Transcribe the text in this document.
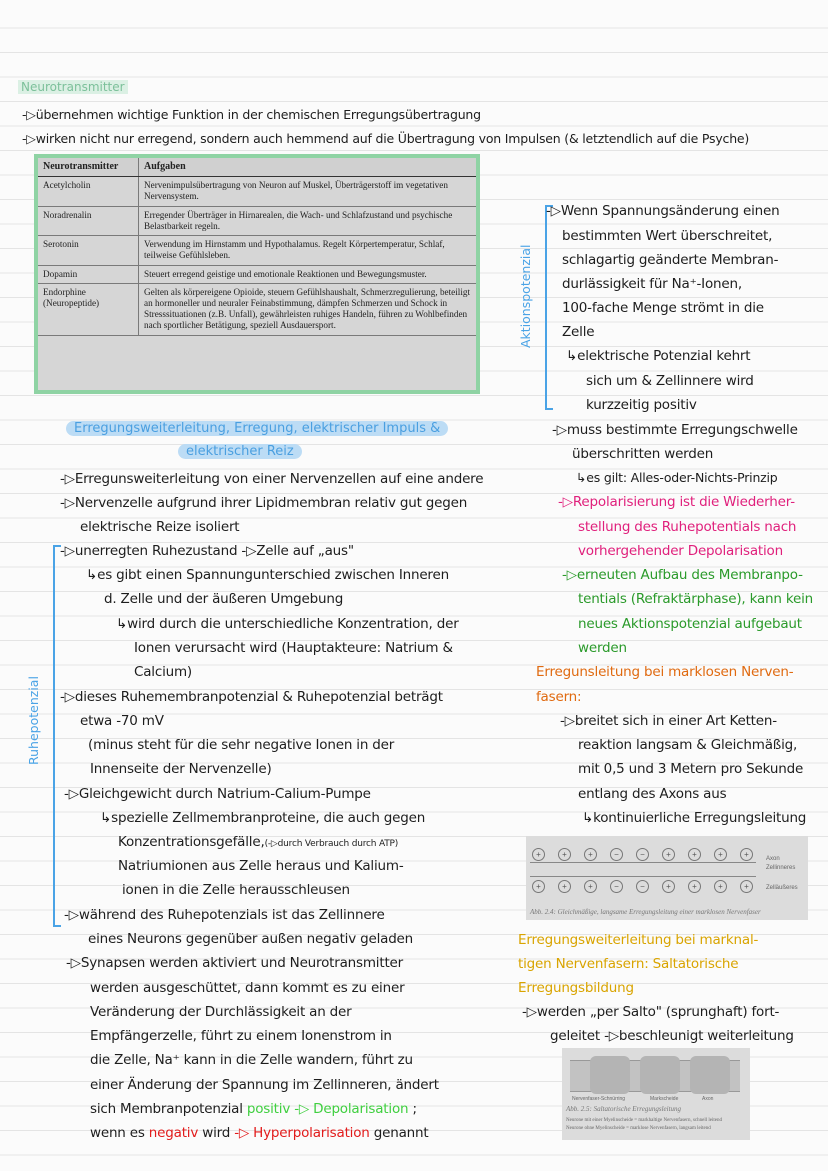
Neurotransmitter
-▷übernehmen wichtige Funktion in der chemischen Erregungsübertragung
-▷wirken nicht nur erregend, sondern auch hemmend auf die Übertragung von Impulsen (& letztendlich auf die Psyche)
Neurotransmitter	Aufgaben
Acetylcholin	Nervenimpulsübertragung von Neuron auf Muskel, Überträgerstoff im vegetativen Nervensystem.
Noradrenalin	Erregender Überträger in Hirnarealen, die Wach- und Schlafzustand und psychische Belastbarkeit regeln.
Serotonin	Verwendung im Hirnstamm und Hypothalamus. Regelt Körpertemperatur, Schlaf, teilweise Gefühlsleben.
Dopamin	Steuert erregend geistige und emotionale Reaktionen und Bewegungsmuster.
Endorphine (Neuropeptide)	Gelten als körpereigene Opioide, steuern Gefühlshaushalt, Schmerzregulierung, beteiligt an hormoneller und neuraler Feinabstimmung, dämpfen Schmerzen und Schock in Stresssituationen (z.B. Unfall), gewährleisten ruhiges Handeln, führen zu Wohlbefinden nach sportlicher Betätigung, speziell Ausdauersport.
Erregungsweiterleitung, Erregung, elektrischer Impuls &
elektrischer Reiz
Ruhepotenzial
-▷Erregunsweiterleitung von einer Nervenzellen auf eine andere
-▷Nervenzelle aufgrund ihrer Lipidmembran relativ gut gegen
elektrische Reize isoliert
-▷unerregten Ruhezustand -▷Zelle auf „aus"
↳es gibt einen Spannungunterschied zwischen Inneren
d. Zelle und der äußeren Umgebung
↳wird durch die unterschiedliche Konzentration, der
Ionen verursacht wird (Hauptakteure: Natrium &
Calcium)
-▷dieses Ruhemembranpotenzial & Ruhepotenzial beträgt
etwa -70 mV
(minus steht für die sehr negative Ionen in der
Innenseite der Nervenzelle)
-▷Gleichgewicht durch Natrium-Calium-Pumpe
↳spezielle Zellmembranproteine, die auch gegen
Konzentrationsgefälle,(-▷durch Verbrauch durch ATP)
Natriumionen aus Zelle heraus und Kalium-
ionen in die Zelle herausschleusen
-▷während des Ruhepotenzials ist das Zellinnere
eines Neurons gegenüber außen negativ geladen
-▷Synapsen werden aktiviert und Neurotransmitter
werden ausgeschüttet, dann kommt es zu einer
Veränderung der Durchlässigkeit an der
Empfängerzelle, führt zu einem Ionenstrom in
die Zelle, Na⁺ kann in die Zelle wandern, führt zu
einer Änderung der Spannung im Zellinneren, ändert
sich Membranpotenzial positiv -▷ Depolarisation ;
wenn es negativ wird -▷ Hyperpolarisation genannt
Aktionspotenzial
-▷Wenn Spannungsänderung einen
bestimmten Wert überschreitet,
schlagartig geänderte Membran-
durlässigkeit für Na⁺-Ionen,
100-fache Menge strömt in die
Zelle
↳elektrische Potenzial kehrt
sich um & Zellinnere wird
kurzzeitig positiv
-▷muss bestimmte Erregungschwelle
überschritten werden
↳es gilt: Alles-oder-Nichts-Prinzip
-▷Repolarisierung ist die Wiederher-
stellung des Ruhepotentials nach
vorhergehender Depolarisation
-▷erneuten Aufbau des Membranpo-
tentials (Refraktärphase), kann kein
neues Aktionspotenzial aufgebaut
werden
Erregunsleitung bei marklosen Nerven-
fasern:
-▷breitet sich in einer Art Ketten-
reaktion langsam & Gleichmäßig,
mit 0,5 und 3 Metern pro Sekunde
entlang des Axons aus
↳kontinuierliche Erregungsleitung
+	+	+	−	−	+	+	+	+
+	+	+	−	−	+	+	+	+
Axon
Zellinneres
Zelläußeres
Abb. 2.4: Gleichmäßige, langsame Erregungsleitung einer marklosen Nervenfaser
Erregungsweiterleitung bei marknal-
tigen Nervenfasern: Saltatorische
Erregungsbildung
-▷werden „per Salto" (sprunghaft) fort-
geleitet -▷beschleunigt weiterleitung
Nervenfaser-Schnürring	Markscheide	Axon
Abb. 2.5: Saltatorische Erregungsleitung
Neurone mit einer Myelinscheide = markhaltige Nervenfasern, schnell leitend
Neurone ohne Myelinscheide = marklose Nervenfasern, langsam leitend
